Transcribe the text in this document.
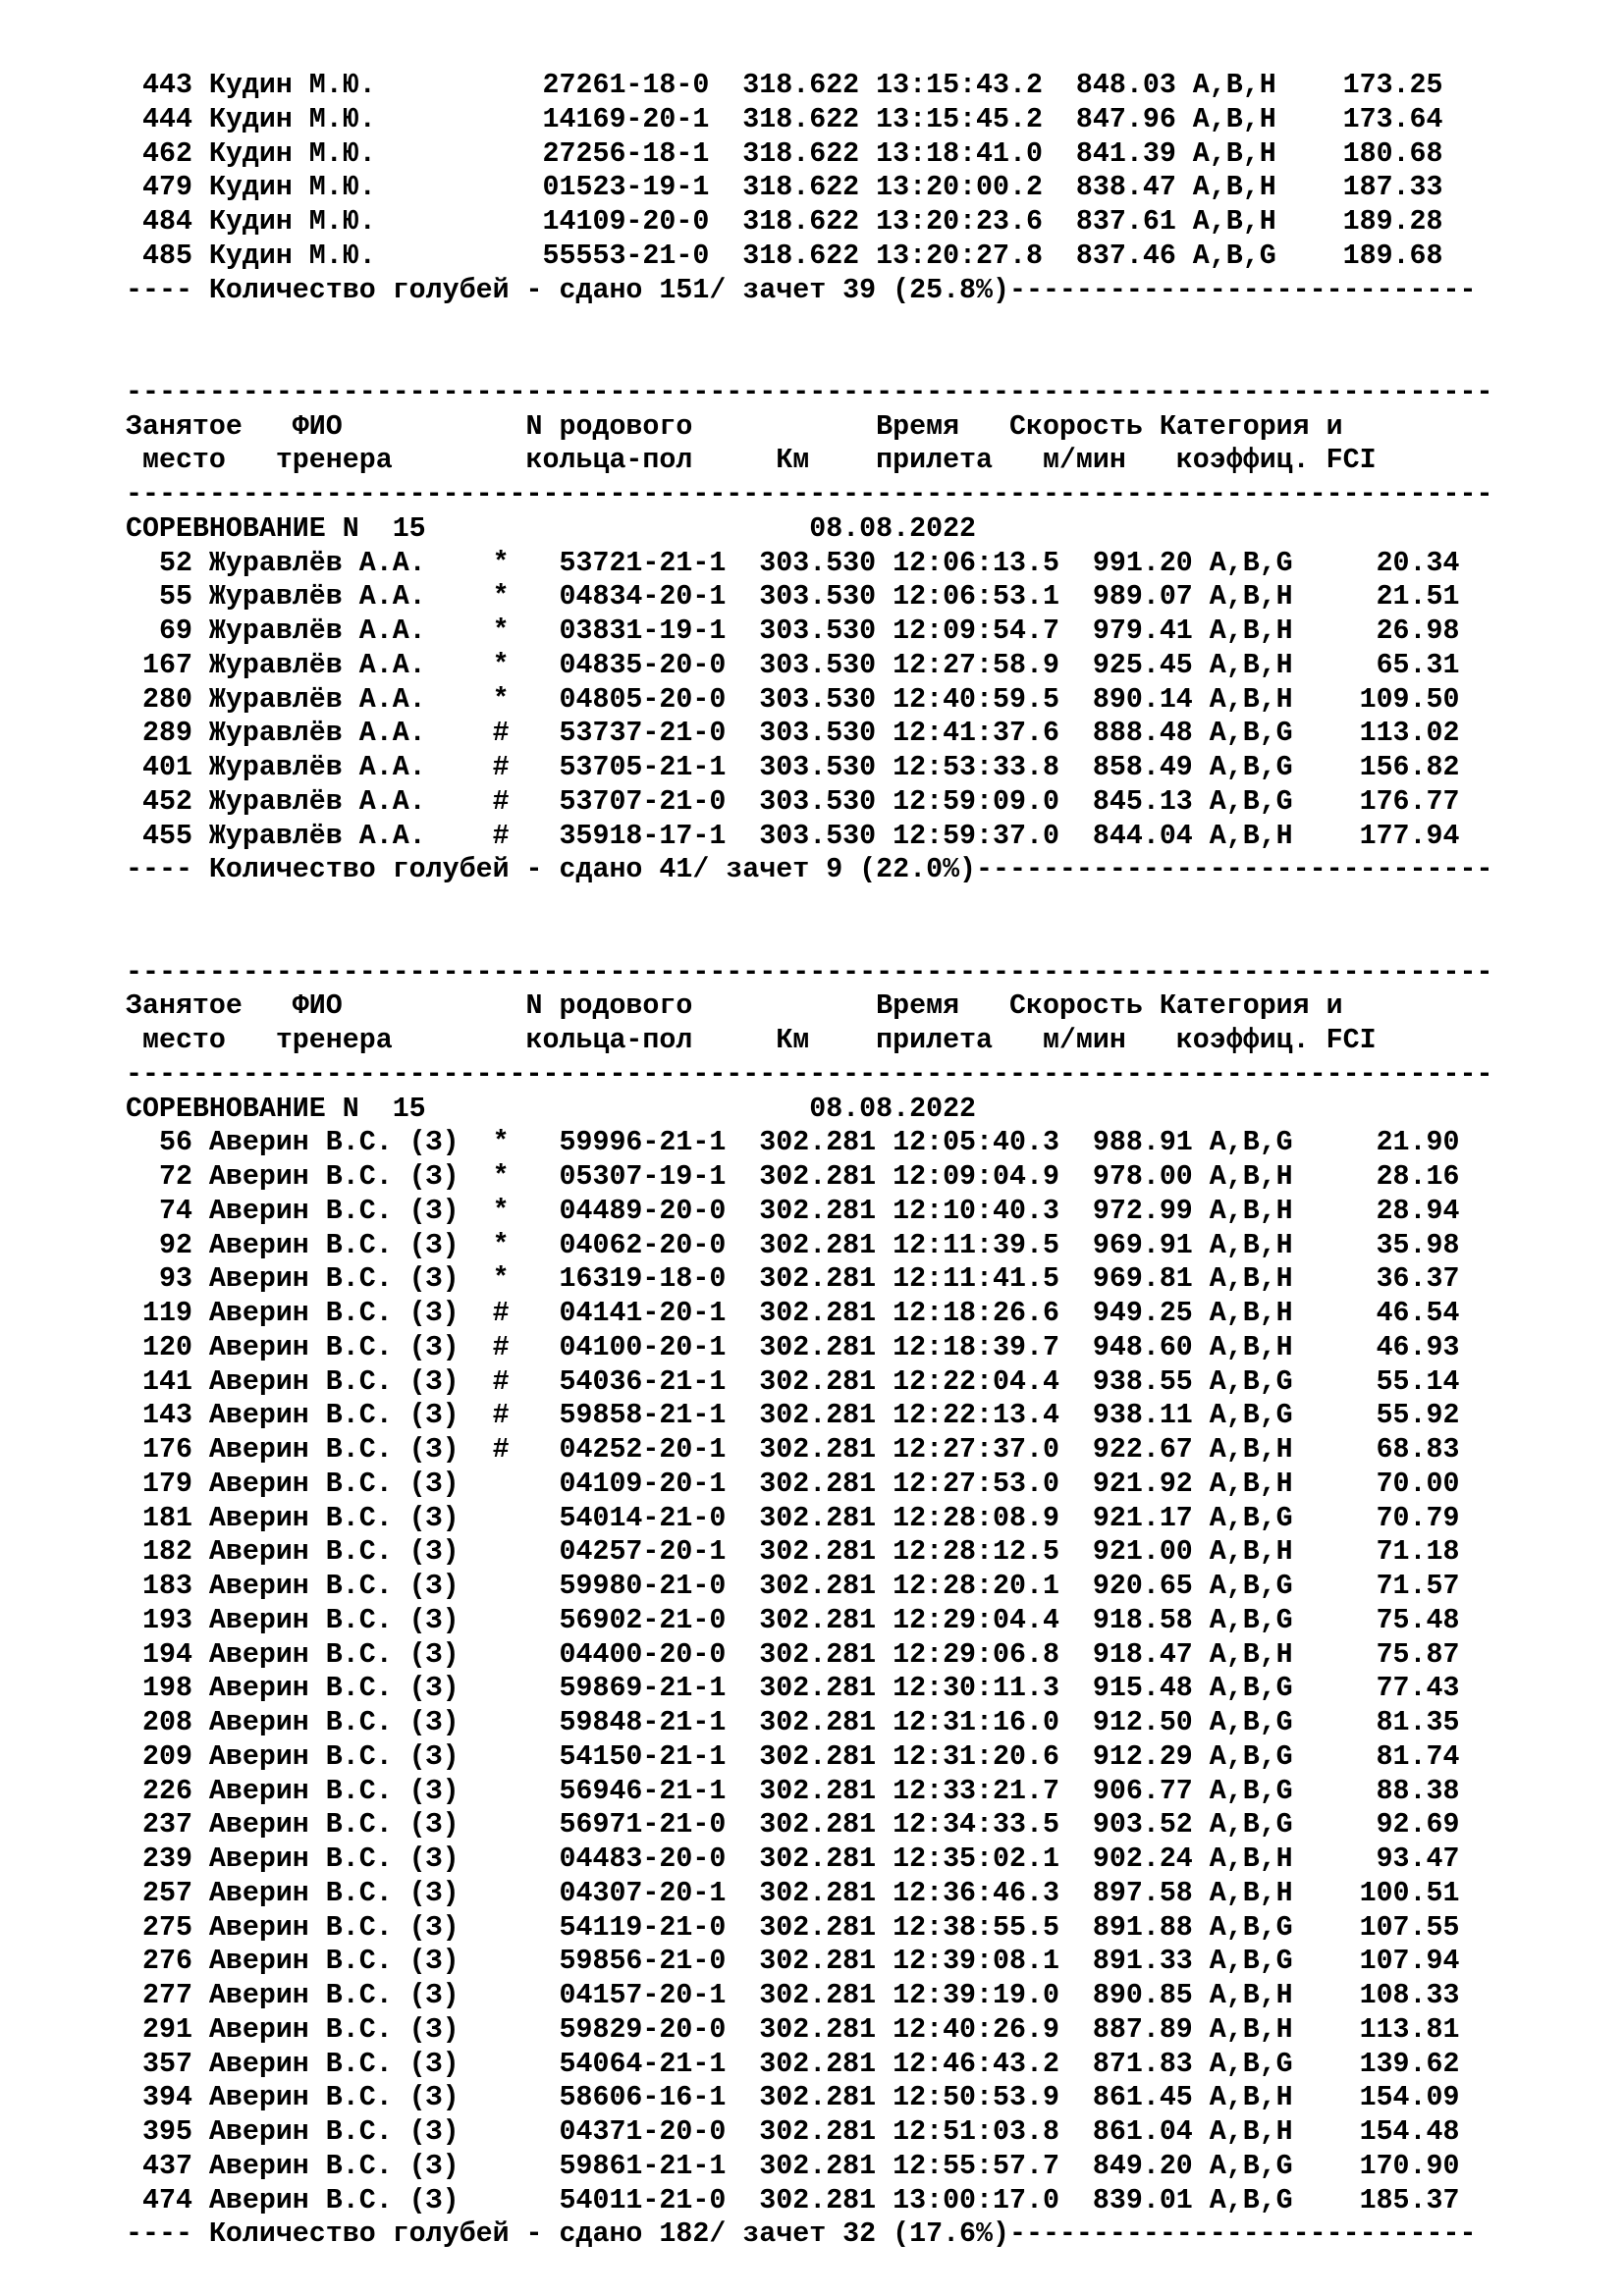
443 Кудин М.Ю.          27261-18-0  318.622 13:15:43.2  848.03 A,B,H    173.25
444 Кудин М.Ю.          14169-20-1  318.622 13:15:45.2  847.96 A,B,H    173.64
462 Кудин М.Ю.          27256-18-1  318.622 13:18:41.0  841.39 A,B,H    180.68
479 Кудин М.Ю.          01523-19-1  318.622 13:20:00.2  838.47 A,B,H    187.33
484 Кудин М.Ю.          14109-20-0  318.622 13:20:23.6  837.61 A,B,H    189.28
485 Кудин М.Ю.          55553-21-0  318.622 13:20:27.8  837.46 A,B,G    189.68
---- Количество голубей - сдано 151/ зачет 39 (25.8%)----------------------------
----------------------------------------------------------------------------------
Занятое   ФИО           N родового           Время   Скорость Категория и
место   тренера        кольца-пол     Км    прилета   м/мин   коэффиц. FCI
----------------------------------------------------------------------------------
СОРЕВНОВАНИЕ N  15                       08.08.2022
52 Журавлёв А.А.    *   53721-21-1  303.530 12:06:13.5  991.20 A,B,G     20.34
55 Журавлёв А.А.    *   04834-20-1  303.530 12:06:53.1  989.07 A,B,H     21.51
69 Журавлёв А.А.    *   03831-19-1  303.530 12:09:54.7  979.41 A,B,H     26.98
167 Журавлёв А.А.    *   04835-20-0  303.530 12:27:58.9  925.45 A,B,H     65.31
280 Журавлёв А.А.    *   04805-20-0  303.530 12:40:59.5  890.14 A,B,H    109.50
289 Журавлёв А.А.    #   53737-21-0  303.530 12:41:37.6  888.48 A,B,G    113.02
401 Журавлёв А.А.    #   53705-21-1  303.530 12:53:33.8  858.49 A,B,G    156.82
452 Журавлёв А.А.    #   53707-21-0  303.530 12:59:09.0  845.13 A,B,G    176.77
455 Журавлёв А.А.    #   35918-17-1  303.530 12:59:37.0  844.04 A,B,H    177.94
---- Количество голубей - сдано 41/ зачет 9 (22.0%)-------------------------------
----------------------------------------------------------------------------------
Занятое   ФИО           N родового           Время   Скорость Категория и
место   тренера        кольца-пол     Км    прилета   м/мин   коэффиц. FCI
----------------------------------------------------------------------------------
СОРЕВНОВАНИЕ N  15                       08.08.2022
56 Аверин В.С. (З)  *   59996-21-1  302.281 12:05:40.3  988.91 A,B,G     21.90
72 Аверин В.С. (З)  *   05307-19-1  302.281 12:09:04.9  978.00 A,B,H     28.16
74 Аверин В.С. (З)  *   04489-20-0  302.281 12:10:40.3  972.99 A,B,H     28.94
92 Аверин В.С. (З)  *   04062-20-0  302.281 12:11:39.5  969.91 A,B,H     35.98
93 Аверин В.С. (З)  *   16319-18-0  302.281 12:11:41.5  969.81 A,B,H     36.37
119 Аверин В.С. (З)  #   04141-20-1  302.281 12:18:26.6  949.25 A,B,H     46.54
120 Аверин В.С. (З)  #   04100-20-1  302.281 12:18:39.7  948.60 A,B,H     46.93
141 Аверин В.С. (З)  #   54036-21-1  302.281 12:22:04.4  938.55 A,B,G     55.14
143 Аверин В.С. (З)  #   59858-21-1  302.281 12:22:13.4  938.11 A,B,G     55.92
176 Аверин В.С. (З)  #   04252-20-1  302.281 12:27:37.0  922.67 A,B,H     68.83
179 Аверин В.С. (З)      04109-20-1  302.281 12:27:53.0  921.92 A,B,H     70.00
181 Аверин В.С. (З)      54014-21-0  302.281 12:28:08.9  921.17 A,B,G     70.79
182 Аверин В.С. (З)      04257-20-1  302.281 12:28:12.5  921.00 A,B,H     71.18
183 Аверин В.С. (З)      59980-21-0  302.281 12:28:20.1  920.65 A,B,G     71.57
193 Аверин В.С. (З)      56902-21-0  302.281 12:29:04.4  918.58 A,B,G     75.48
194 Аверин В.С. (З)      04400-20-0  302.281 12:29:06.8  918.47 A,B,H     75.87
198 Аверин В.С. (З)      59869-21-1  302.281 12:30:11.3  915.48 A,B,G     77.43
208 Аверин В.С. (З)      59848-21-1  302.281 12:31:16.0  912.50 A,B,G     81.35
209 Аверин В.С. (З)      54150-21-1  302.281 12:31:20.6  912.29 A,B,G     81.74
226 Аверин В.С. (З)      56946-21-1  302.281 12:33:21.7  906.77 A,B,G     88.38
237 Аверин В.С. (З)      56971-21-0  302.281 12:34:33.5  903.52 A,B,G     92.69
239 Аверин В.С. (З)      04483-20-0  302.281 12:35:02.1  902.24 A,B,H     93.47
257 Аверин В.С. (З)      04307-20-1  302.281 12:36:46.3  897.58 A,B,H    100.51
275 Аверин В.С. (З)      54119-21-0  302.281 12:38:55.5  891.88 A,B,G    107.55
276 Аверин В.С. (З)      59856-21-0  302.281 12:39:08.1  891.33 A,B,G    107.94
277 Аверин В.С. (З)      04157-20-1  302.281 12:39:19.0  890.85 A,B,H    108.33
291 Аверин В.С. (З)      59829-20-0  302.281 12:40:26.9  887.89 A,B,H    113.81
357 Аверин В.С. (З)      54064-21-1  302.281 12:46:43.2  871.83 A,B,G    139.62
394 Аверин В.С. (З)      58606-16-1  302.281 12:50:53.9  861.45 A,B,H    154.09
395 Аверин В.С. (З)      04371-20-0  302.281 12:51:03.8  861.04 A,B,H    154.48
437 Аверин В.С. (З)      59861-21-1  302.281 12:55:57.7  849.20 A,B,G    170.90
474 Аверин В.С. (З)      54011-21-0  302.281 13:00:17.0  839.01 A,B,G    185.37
---- Количество голубей - сдано 182/ зачет 32 (17.6%)----------------------------
